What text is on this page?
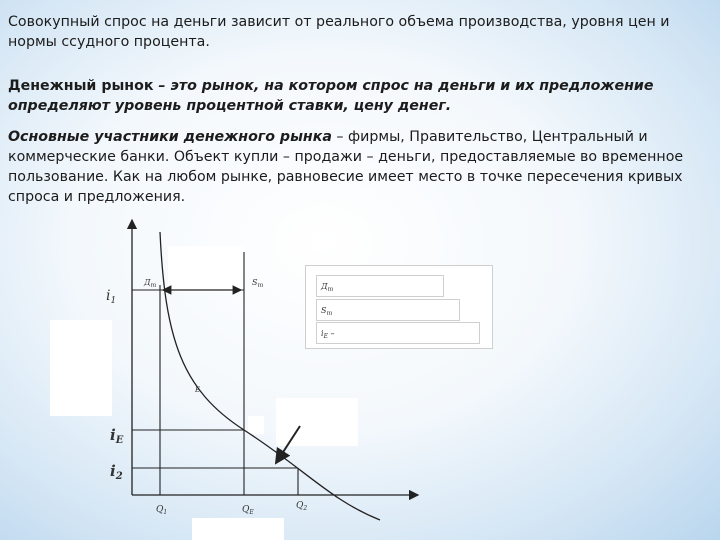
Совокупный спрос на деньги зависит от реального объема производства, уровня цен и нормы ссудного процента.

Денежный рынок – это рынок, на котором спрос на деньги и их предложение определяют уровень процентной ставки, цену денег.

Основные участники денежного рынка – фирмы, Правительство, Центральный и коммерческие банки. Объект купли – продажи – деньги, предоставляемые во временное пользование. Как на любом рынке, равновесие имеет место в точке пересечения кривых спроса и предложения.

$i_1$
$i_E$
$i_2$
$Д_m$	$S_m$
E
$Q_1$	$Q_E$
$Q_2$
$Д_m$
$S_m$
$i_E$ –
